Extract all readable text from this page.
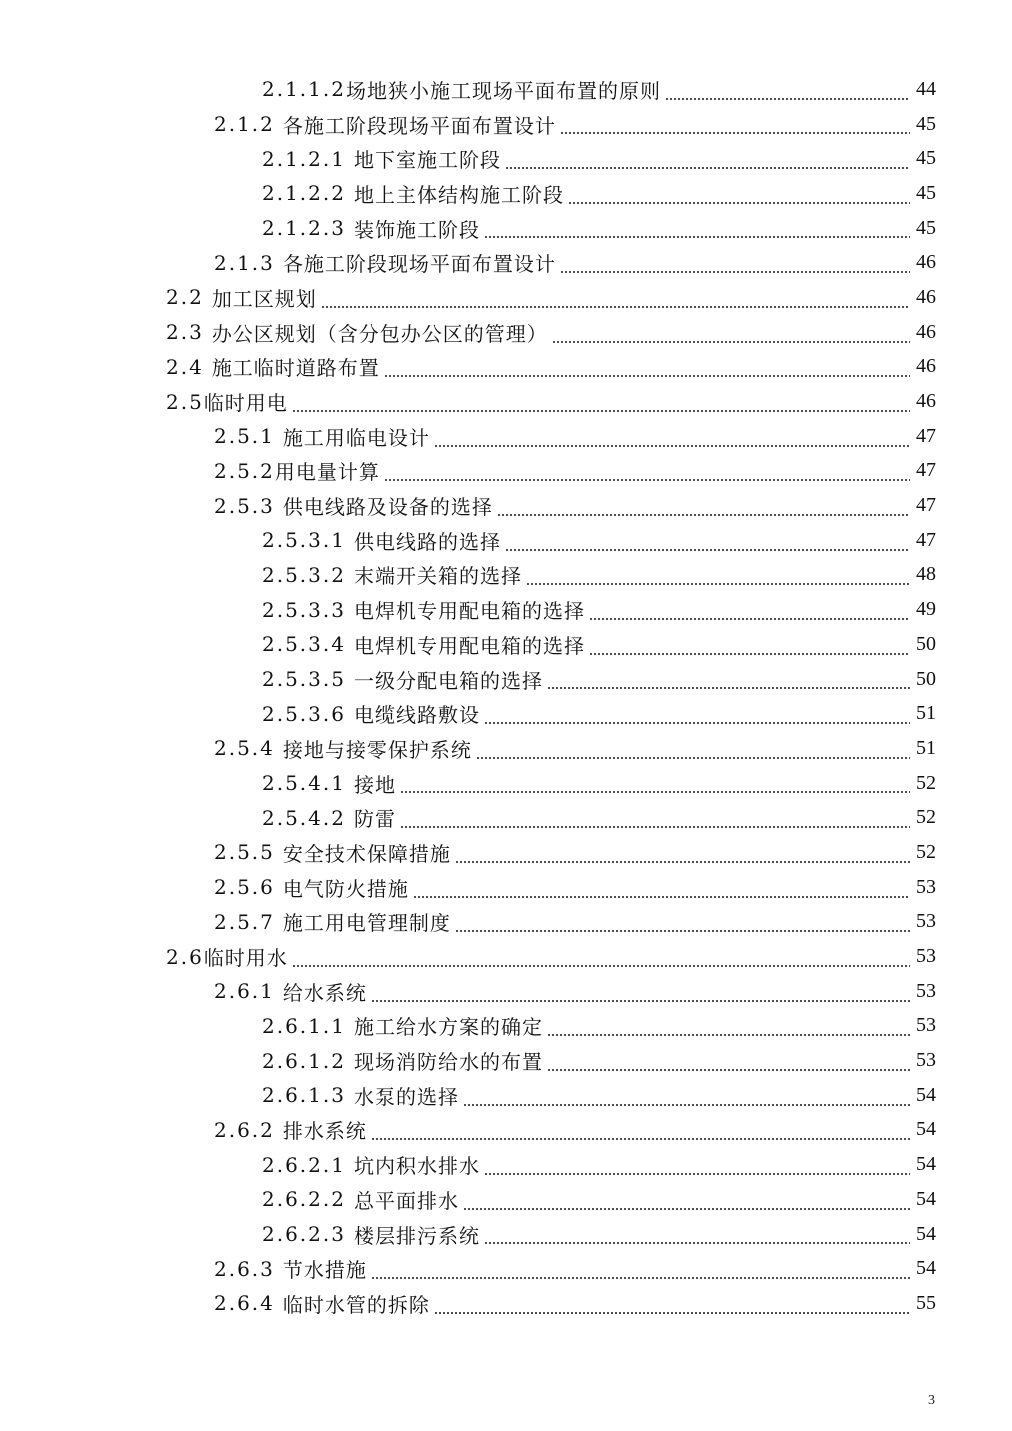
2.1.1.2 场地狭小施工现场平面布置的原则	44
2.1.2 各施工阶段现场平面布置设计	45
2.1.2.1 地下室施工阶段	45
2.1.2.2 地上主体结构施工阶段	45
2.1.2.3 装饰施工阶段	45
2.1.3 各施工阶段现场平面布置设计	46
2.2 加工区规划	46
2.3 办公区规划（含分包办公区的管理）	46
2.4 施工临时道路布置	46
2.5 临时用电	46
2.5.1 施工用临电设计	47
2.5.2 用电量计算	47
2.5.3 供电线路及设备的选择	47
2.5.3.1 供电线路的选择	47
2.5.3.2 末端开关箱的选择	48
2.5.3.3 电焊机专用配电箱的选择	49
2.5.3.4 电焊机专用配电箱的选择	50
2.5.3.5 一级分配电箱的选择	50
2.5.3.6 电缆线路敷设	51
2.5.4 接地与接零保护系统	51
2.5.4.1 接地	52
2.5.4.2 防雷	52
2.5.5 安全技术保障措施	52
2.5.6 电气防火措施	53
2.5.7 施工用电管理制度	53
2.6 临时用水	53
2.6.1 给水系统	53
2.6.1.1 施工给水方案的确定	53
2.6.1.2 现场消防给水的布置	53
2.6.1.3 水泵的选择	54
2.6.2 排水系统	54
2.6.2.1 坑内积水排水	54
2.6.2.2 总平面排水	54
2.6.2.3 楼层排污系统	54
2.6.3 节水措施	54
2.6.4 临时水管的拆除	55
3
